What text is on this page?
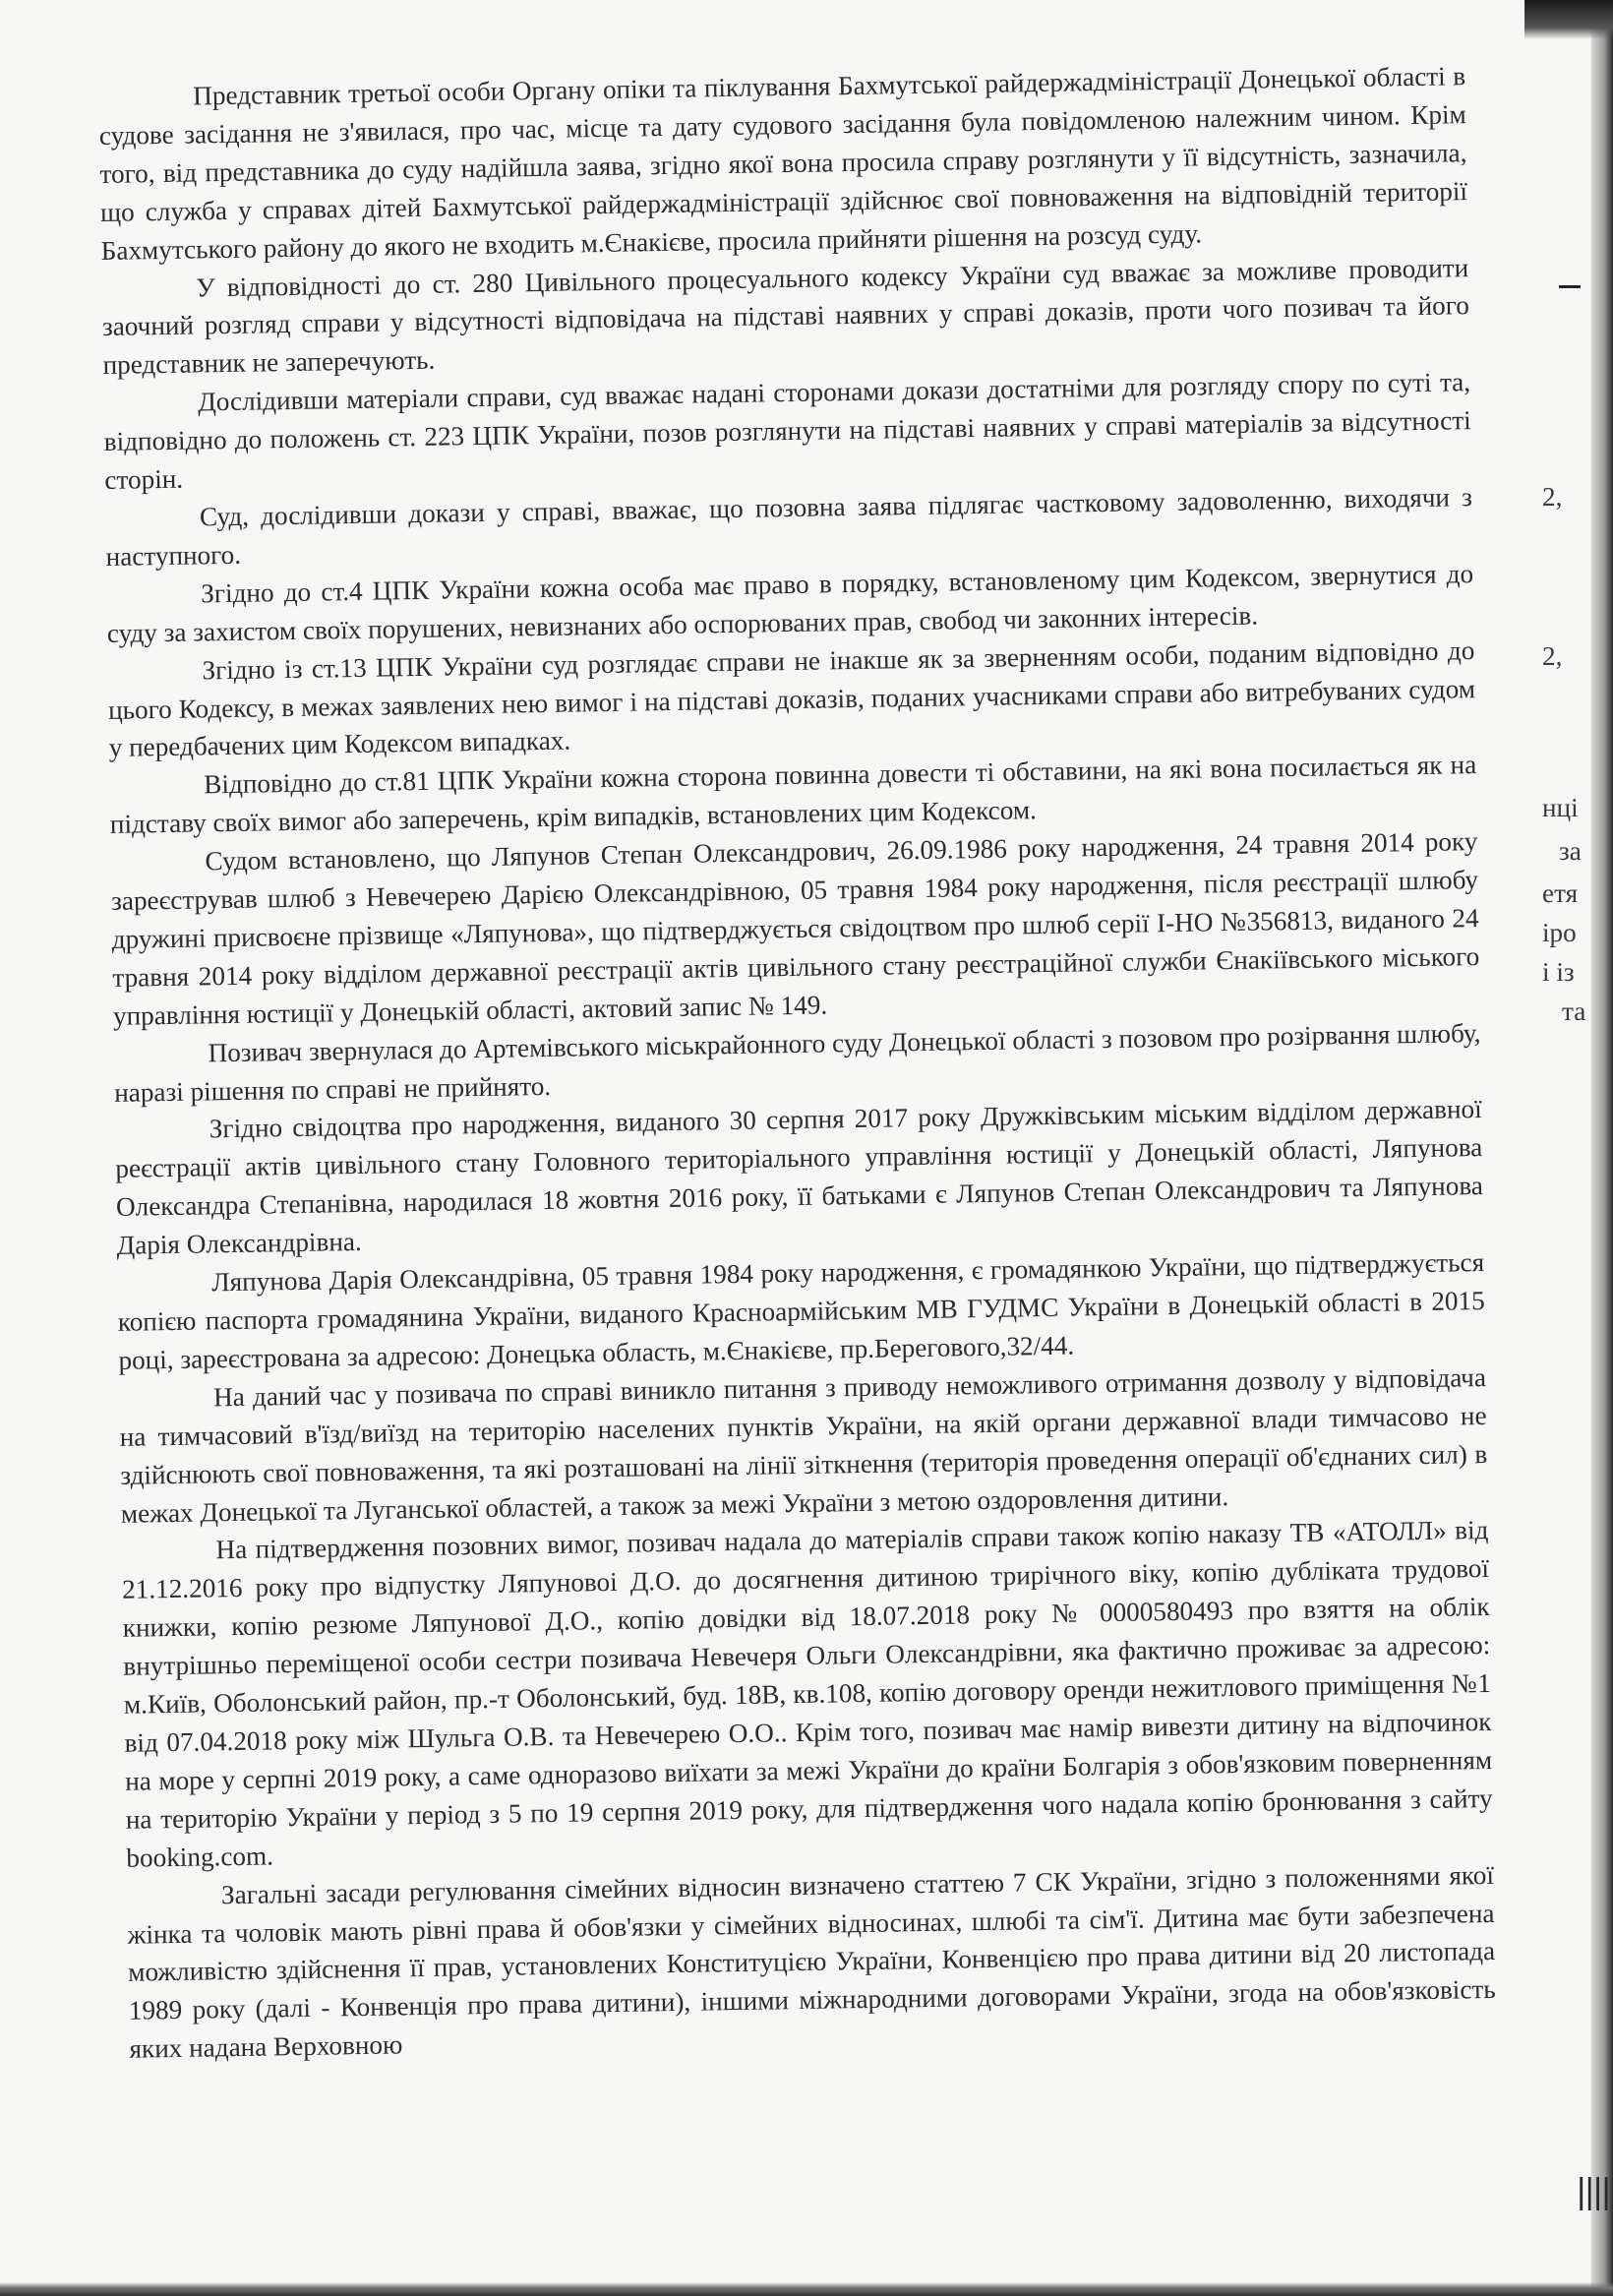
Представник третьої особи Органу опіки та піклування Бахмутської райдержадміністрації Донецької області в судове засідання не з'явилася, про час, місце та дату судового засідання була повідомленою належним чином. Крім того, від представника до суду надійшла заява, згідно якої вона просила справу розглянути у її відсутність, зазначила, що служба у справах дітей Бахмутської райдержадміністрації здійснює свої повноваження на відповідній території Бахмутського району до якого не входить м.Єнакієве, просила прийняти рішення на розсуд суду.

У відповідності до ст. 280 Цивільного процесуального кодексу України суд вважає за можливе проводити заочний розгляд справи у відсутності відповідача на підставі наявних у справі доказів, проти чого позивач та його представник не заперечують.

Дослідивши матеріали справи, суд вважає надані сторонами докази достатніми для розгляду спору по суті та, відповідно до положень ст. 223 ЦПК України, позов розглянути на підставі наявних у справі матеріалів за відсутності сторін.

Суд, дослідивши докази у справі, вважає, що позовна заява підлягає частковому задоволенню, виходячи з наступного.

Згідно до ст.4 ЦПК України кожна особа має право в порядку, встановленому цим Кодексом, звернутися до суду за захистом своїх порушених, невизнаних або оспорюваних прав, свобод чи законних інтересів.

Згідно із ст.13 ЦПК України суд розглядає справи не інакше як за зверненням особи, поданим відповідно до цього Кодексу, в межах заявлених нею вимог і на підставі доказів, поданих учасниками справи або витребуваних судом у передбачених цим Кодексом випадках.

Відповідно до ст.81 ЦПК України кожна сторона повинна довести ті обставини, на які вона посилається як на підставу своїх вимог або заперечень, крім випадків, встановлених цим Кодексом.

Судом встановлено, що Ляпунов Степан Олександрович, 26.09.1986 року народження, 24 травня 2014 року зареєстрував шлюб з Невечерею Дарією Олександрівною, 05 травня 1984 року народження, після реєстрації шлюбу дружині присвоєне прізвище «Ляпунова», що підтверджується свідоцтвом про шлюб серії І-НО №356813, виданого 24 травня 2014 року відділом державної реєстрації актів цивільного стану реєстраційної служби Єнакіївського міського управління юстиції у Донецькій області, актовий запис № 149.

Позивач звернулася до Артемівського міськрайонного суду Донецької області з позовом про розірвання шлюбу, наразі рішення по справі не прийнято.

Згідно свідоцтва про народження, виданого 30 серпня 2017 року Дружківським міським відділом державної реєстрації актів цивільного стану Головного територіального управління юстиції у Донецькій області, Ляпунова Олександра Степанівна, народилася 18 жовтня 2016 року, її батьками є Ляпунов Степан Олександрович та Ляпунова Дарія Олександрівна.

Ляпунова Дарія Олександрівна, 05 травня 1984 року народження, є громадянкою України, що підтверджується копією паспорта громадянина України, виданого Красноармійським МВ ГУДМС України в Донецькій області в 2015 році, зареєстрована за адресою: Донецька область, м.Єнакієве, пр.Берегового,32/44.

На даний час у позивача по справі виникло питання з приводу неможливого отримання дозволу у відповідача на тимчасовий в'їзд/виїзд на територію населених пунктів України, на якій органи державної влади тимчасово не здійснюють свої повноваження, та які розташовані на лінії зіткнення (територія проведення операції об'єднаних сил) в межах Донецької та Луганської областей, а також за межі України з метою оздоровлення дитини.

На підтвердження позовних вимог, позивач надала до матеріалів справи також копію наказу ТВ «АТОЛЛ» від 21.12.2016 року про відпустку Ляпуновоі Д.О. до досягнення дитиною трирічного віку, копію дубліката трудової книжки, копію резюме Ляпунової Д.О., копію довідки від 18.07.2018 року № 0000580493 про взяття на облік внутрішньо переміщеної особи сестри позивача Невечеря Ольги Олександрівни, яка фактично проживає за адресою: м.Київ, Оболонський район, пр.-т Оболонський, буд. 18В, кв.108, копію договору оренди нежитлового приміщення №1 від 07.04.2018 року між Шульга О.В. та Невечерею О.О.. Крім того, позивач має намір вивезти дитину на відпочинок на море у серпні 2019 року, а саме одноразово виїхати за межі України до країни Болгарія з обов'язковим поверненням на територію України у період з 5 по 19 серпня 2019 року, для підтвердження чого надала копію бронювання з сайту booking.com.

Загальні засади регулювання сімейних відносин визначено статтею 7 СК України, згідно з положеннями якої жінка та чоловік мають рівні права й обов'язки у сімейних відносинах, шлюбі та сім'ї. Дитина має бути забезпечена можливістю здійснення її прав, установлених Конституцією України, Конвенцією про права дитини від 20 листопада 1989 року (далі - Конвенція про права дитини), іншими міжнародними договорами України, згода на обов'язковість яких надана Верховною

2,
2,
нці
за
етя
іро
і із
та
||||
